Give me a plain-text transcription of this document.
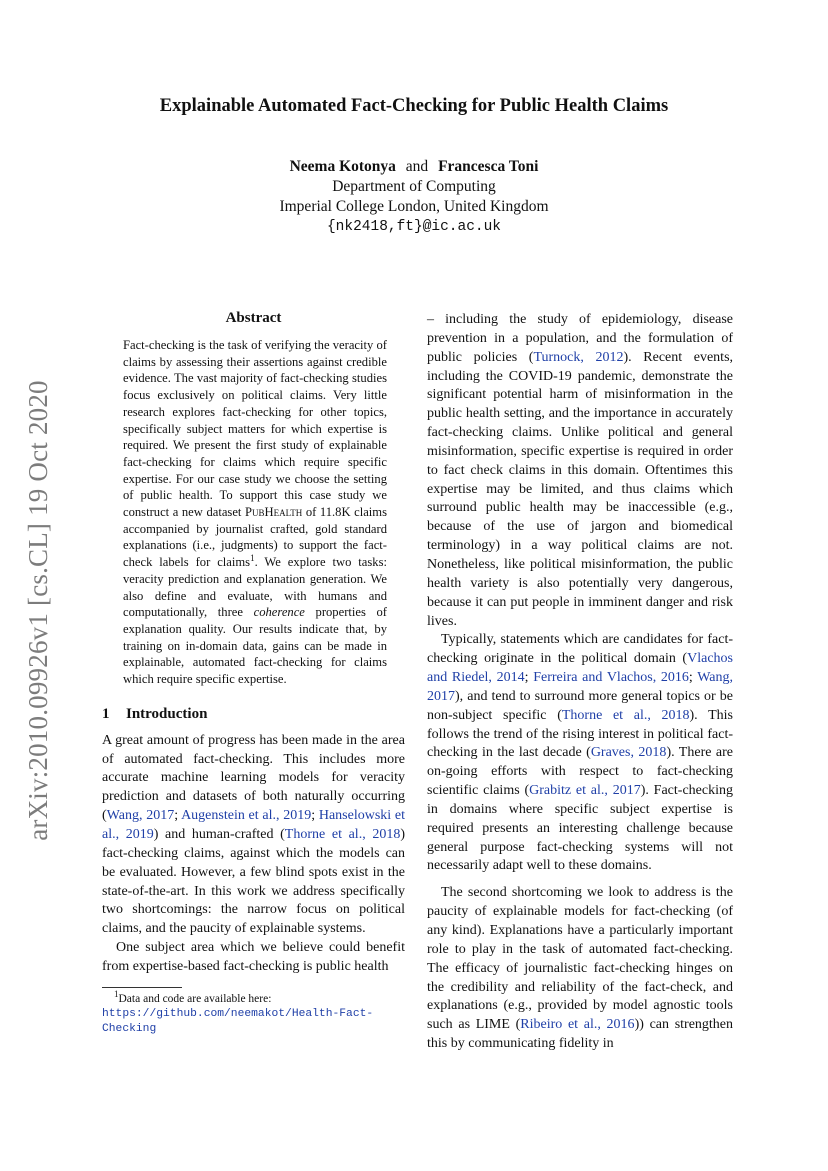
arXiv:2010.09926v1 [cs.CL] 19 Oct 2020
Explainable Automated Fact-Checking for Public Health Claims
Neema Kotonya and Francesca Toni
Department of Computing
Imperial College London, United Kingdom
{nk2418,ft}@ic.ac.uk
Abstract
Fact-checking is the task of verifying the veracity of claims by assessing their assertions against credible evidence. The vast majority of fact-checking studies focus exclusively on political claims. Very little research explores fact-checking for other topics, specifically subject matters for which expertise is required. We present the first study of explainable fact-checking for claims which require specific expertise. For our case study we choose the setting of public health. To support this case study we construct a new dataset PubHealth of 11.8K claims accompanied by journalist crafted, gold standard explanations (i.e., judgments) to support the fact-check labels for claims$^1$. We explore two tasks: veracity prediction and explanation generation. We also define and evaluate, with humans and computationally, three coherence properties of explanation quality. Our results indicate that, by training on in-domain data, gains can be made in explainable, automated fact-checking for claims which require specific expertise.
1 Introduction

A great amount of progress has been made in the area of automated fact-checking. This includes more accurate machine learning models for veracity prediction and datasets of both naturally occurring (Wang, 2017; Augenstein et al., 2019; Hanselowski et al., 2019) and human-crafted (Thorne et al., 2018) fact-checking claims, against which the models can be evaluated. However, a few blind spots exist in the state-of-the-art. In this work we address specifically two shortcomings: the narrow focus on political claims, and the paucity of explainable systems.

One subject area which we believe could benefit from expertise-based fact-checking is public health

$^1$Data and code are available here: https://github.com/neemakot/Health-Fact-Checking

– including the study of epidemiology, disease prevention in a population, and the formulation of public policies (Turnock, 2012). Recent events, including the COVID-19 pandemic, demonstrate the significant potential harm of misinformation in the public health setting, and the importance in accurately fact-checking claims. Unlike political and general misinformation, specific expertise is required in order to fact check claims in this domain. Oftentimes this expertise may be limited, and thus claims which surround public health may be inaccessible (e.g., because of the use of jargon and biomedical terminology) in a way political claims are not. Nonetheless, like political misinformation, the public health variety is also potentially very dangerous, because it can put people in imminent danger and risk lives.

Typically, statements which are candidates for fact-checking originate in the political domain (Vlachos and Riedel, 2014; Ferreira and Vlachos, 2016; Wang, 2017), and tend to surround more general topics or be non-subject specific (Thorne et al., 2018). This follows the trend of the rising interest in political fact-checking in the last decade (Graves, 2018). There are on-going efforts with respect to fact-checking scientific claims (Grabitz et al., 2017). Fact-checking in domains where specific subject expertise is required presents an interesting challenge because general purpose fact-checking systems will not necessarily adapt well to these domains.

The second shortcoming we look to address is the paucity of explainable models for fact-checking (of any kind). Explanations have a particularly important role to play in the task of automated fact-checking. The efficacy of journalistic fact-checking hinges on the credibility and reliability of the fact-check, and explanations (e.g., provided by model agnostic tools such as LIME (Ribeiro et al., 2016)) can strengthen this by communicating fidelity in
